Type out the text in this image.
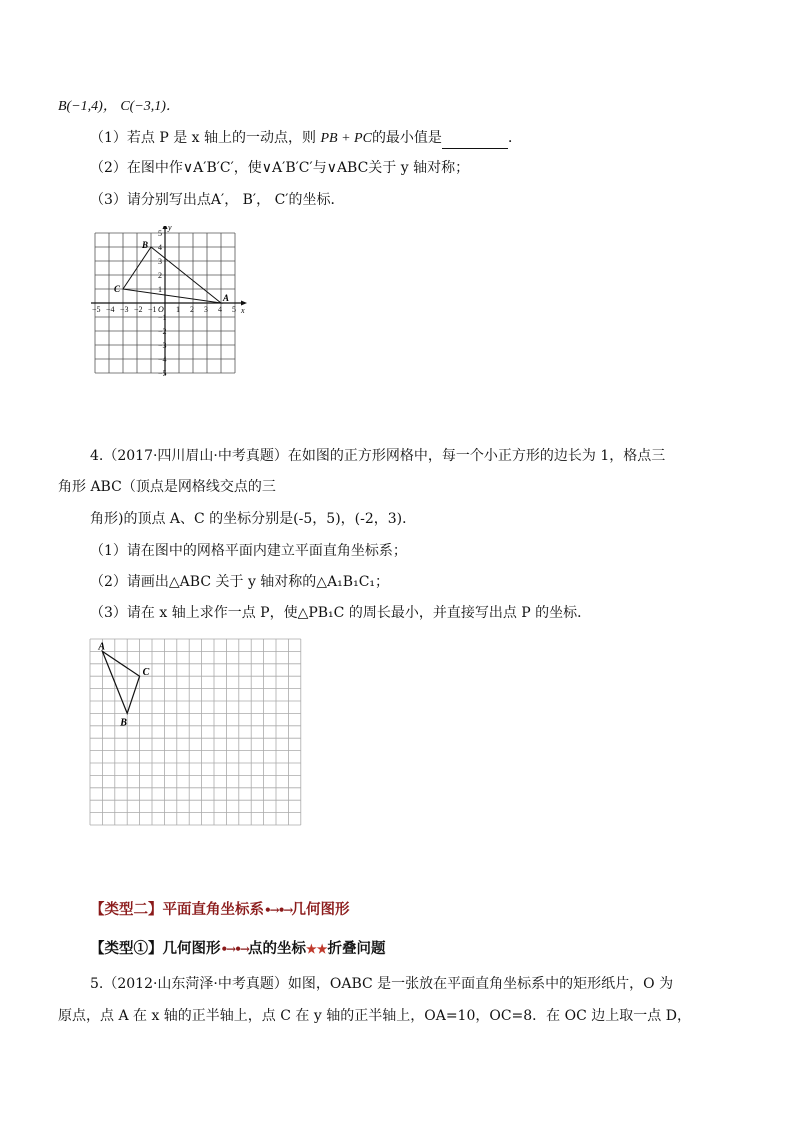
B(−1,4)， C(−3,1)．
（1）若点 P 是 x 轴上的一动点，则 PB + PC的最小值是	．
（2）在图中作∨A′B′C′，使∨A′B′C′与∨ABC关于 y 轴对称；
（3）请分别写出点A′， B′， C′的坐标．
−5 −4 −3 −2 −1 1 2 3 4 5
5
4
3
2
1
−1
−2
−3
−4
−5
A
B
C
x
y
O
4.（2017·四川眉山·中考真题）在如图的正方形网格中，每一个小正方形的边长为 1，格点三
角形 ABC（顶点是网格线交点的三
角形)的顶点 A、C 的坐标分别是(-5，5)，(-2，3)．
（1）请在图中的网格平面内建立平面直角坐标系；
（2）请画出△ABC 关于 y 轴对称的△A₁B₁C₁；
（3）请在 x 轴上求作一点 P，使△PB₁C 的周长最小，并直接写出点 P 的坐标．
A
B
C
【类型二】平面直角坐标系•→•→几何图形
【类型①】几何图形•→•→点的坐标★★折叠问题
5.（2012·山东菏泽·中考真题）如图，OABC 是一张放在平面直角坐标系中的矩形纸片，O 为
原点，点 A 在 x 轴的正半轴上，点 C 在 y 轴的正半轴上，OA=10，OC=8．在 OC 边上取一点 D，
